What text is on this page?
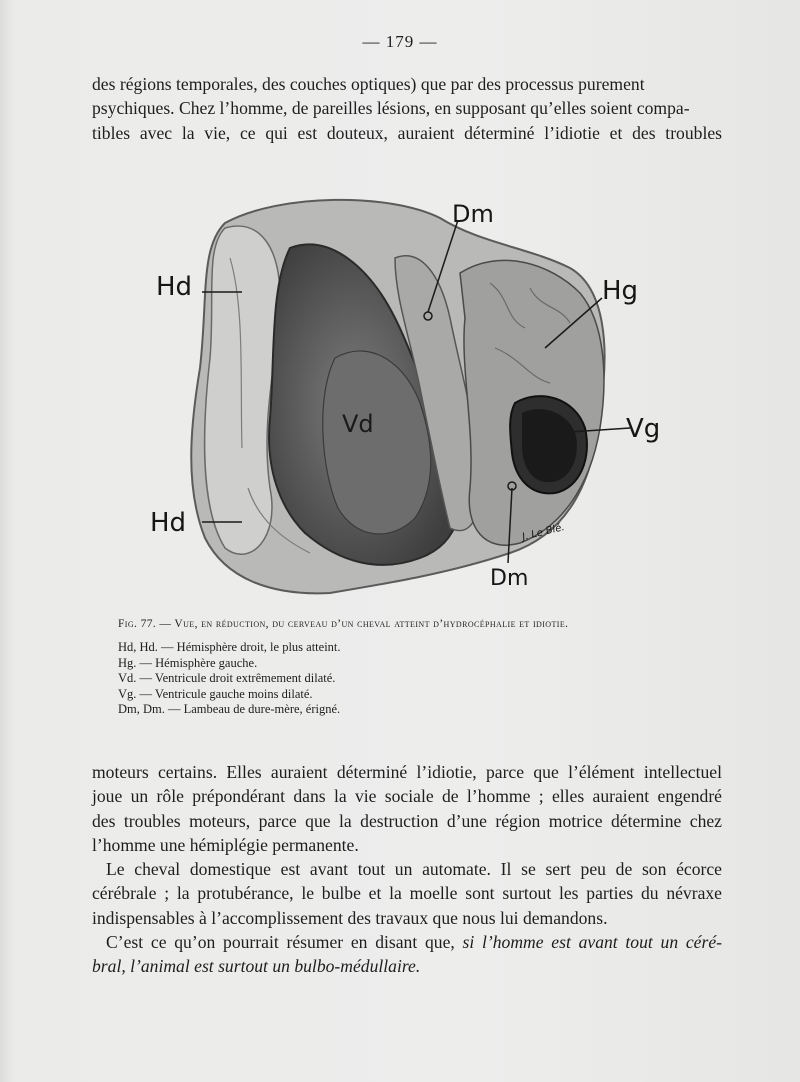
— 179 —

des régions temporales, des couches optiques) que par des processus purement

psychiques. Chez l’homme, de pareilles lésions, en supposant qu’elles soient compa-

tibles avec la vie, ce qui est douteux, auraient déterminé l’idiotie et des troubles

Dm
Hd	Hg
Vd	Vg
Hd
Dm
J. Le Blé.
Fig. 77. — Vue, en réduction, du cerveau d’un cheval atteint d’hydrocéphalie et idiotie.
Hd, Hd. — Hémisphère droit, le plus atteint.
Hg. — Hémisphère gauche.
Vd. — Ventricule droit extrêmement dilaté.
Vg. — Ventricule gauche moins dilaté.
Dm, Dm. — Lambeau de dure-mère, érigné.

moteurs certains. Elles auraient déterminé l’idiotie, parce que l’élément intellectuel

joue un rôle prépondérant dans la vie sociale de l’homme ; elles auraient engendré

des troubles moteurs, parce que la destruction d’une région motrice détermine chez

l’homme une hémiplégie permanente.

Le cheval domestique est avant tout un automate. Il se sert peu de son écorce

cérébrale ; la protubérance, le bulbe et la moelle sont surtout les parties du névraxe

indispensables à l’accomplissement des travaux que nous lui demandons.

C’est ce qu’on pourrait résumer en disant que, si l’homme est avant tout un céré-

bral, l’animal est surtout un bulbo-médullaire.
